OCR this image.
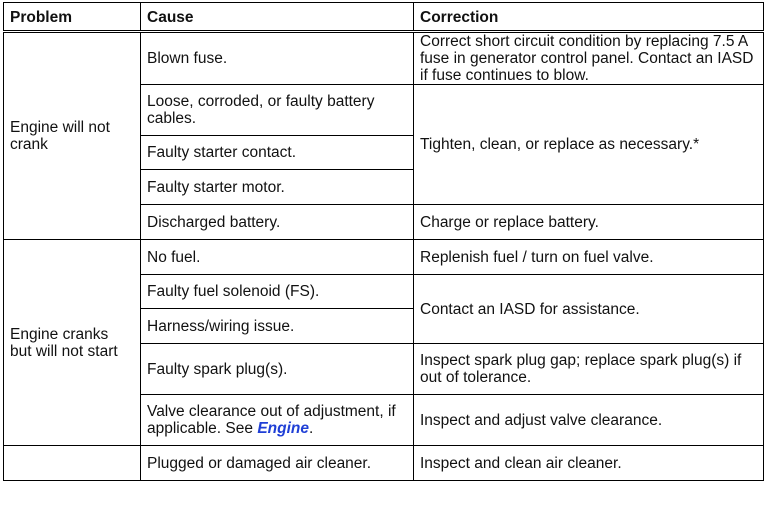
Problem	Cause	Correction
Engine will not crank	Blown fuse.	Correct short circuit condition by replacing 7.5 A fuse in generator control panel. Contact an IASD if fuse continues to blow.
	Loose, corroded, or faulty battery cables.	Tighten, clean, or replace as necessary.*
	Faulty starter contact.	
	Faulty starter motor.	
	Discharged battery.	Charge or replace battery.
Engine cranks but will not start	No fuel.	Replenish fuel / turn on fuel valve.
	Faulty fuel solenoid (FS).	Contact an IASD for assistance.
	Harness/wiring issue.	
	Faulty spark plug(s).	Inspect spark plug gap; replace spark plug(s) if out of tolerance.
	Valve clearance out of adjustment, if applicable. See Engine.	Inspect and adjust valve clearance.
	Plugged or damaged air cleaner.	Inspect and clean air cleaner.
